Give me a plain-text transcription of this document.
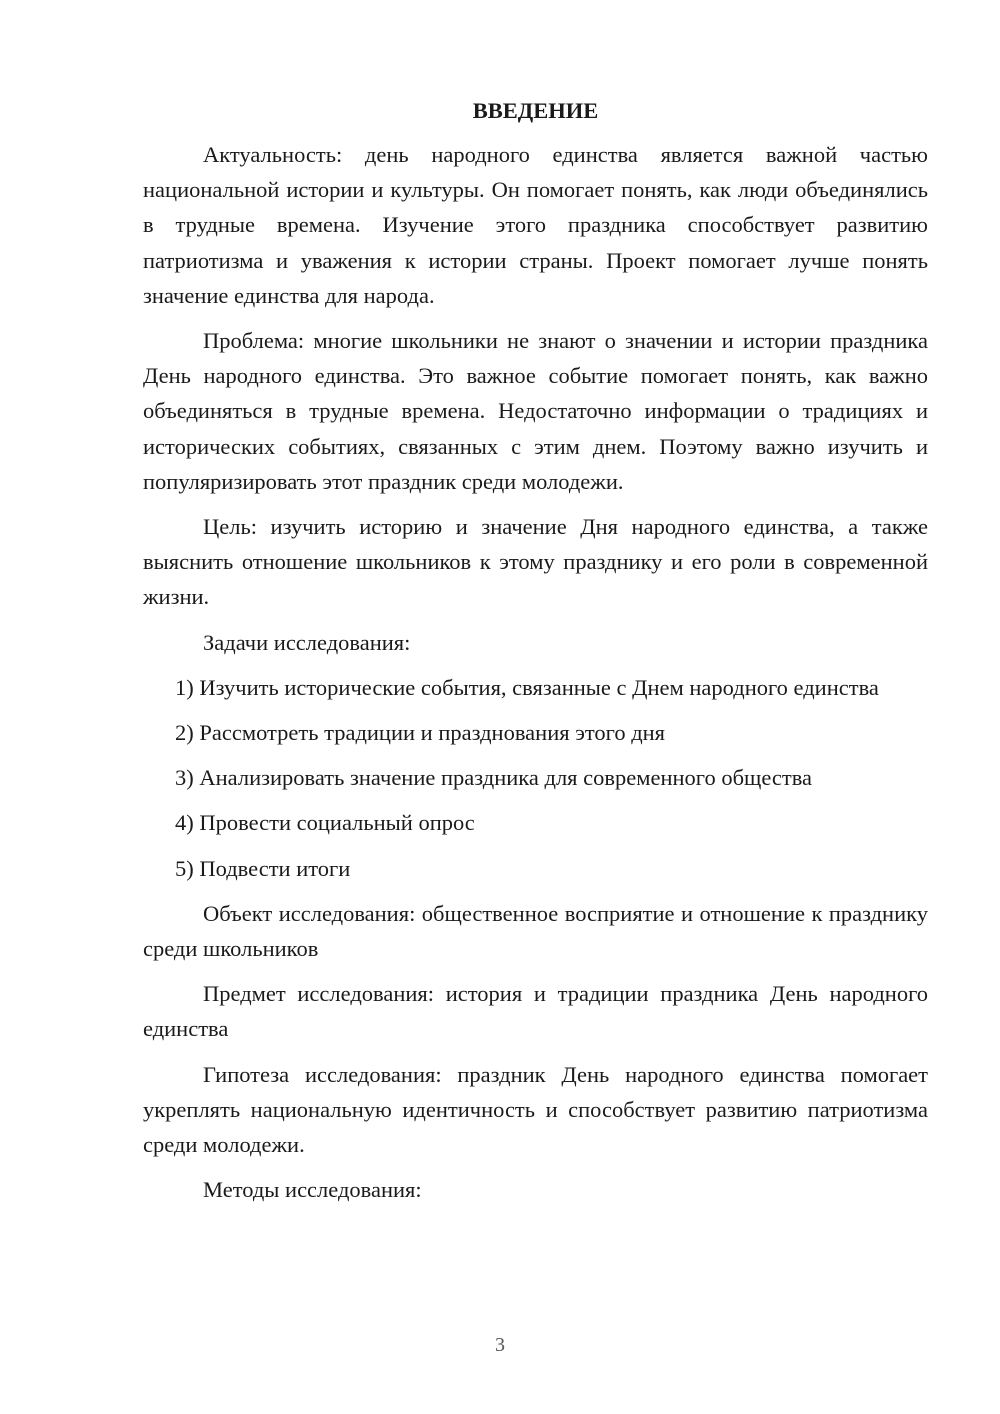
ВВЕДЕНИЕ

Актуальность: день народного единства является важной частью национальной истории и культуры. Он помогает понять, как люди объединялись в трудные времена. Изучение этого праздника способствует развитию патриотизма и уважения к истории страны. Проект помогает лучше понять значение единства для народа.

Проблема: многие школьники не знают о значении и истории праздника День народного единства. Это важное событие помогает понять, как важно объединяться в трудные времена. Недостаточно информации о традициях и исторических событиях, связанных с этим днем. Поэтому важно изучить и популяризировать этот праздник среди молодежи.

Цель: изучить историю и значение Дня народного единства, а также выяснить отношение школьников к этому празднику и его роли в современной жизни.

Задачи исследования:

1) Изучить исторические события, связанные с Днем народного единства
2) Рассмотреть традиции и празднования этого дня
3) Анализировать значение праздника для современного общества
4) Провести социальный опрос
5) Подвести итоги

Объект исследования: общественное восприятие и отношение к празднику среди школьников

Предмет исследования: история и традиции праздника День народного единства

Гипотеза исследования: праздник День народного единства помогает укреплять национальную идентичность и способствует развитию патриотизма среди молодежи.

Методы исследования:

3
